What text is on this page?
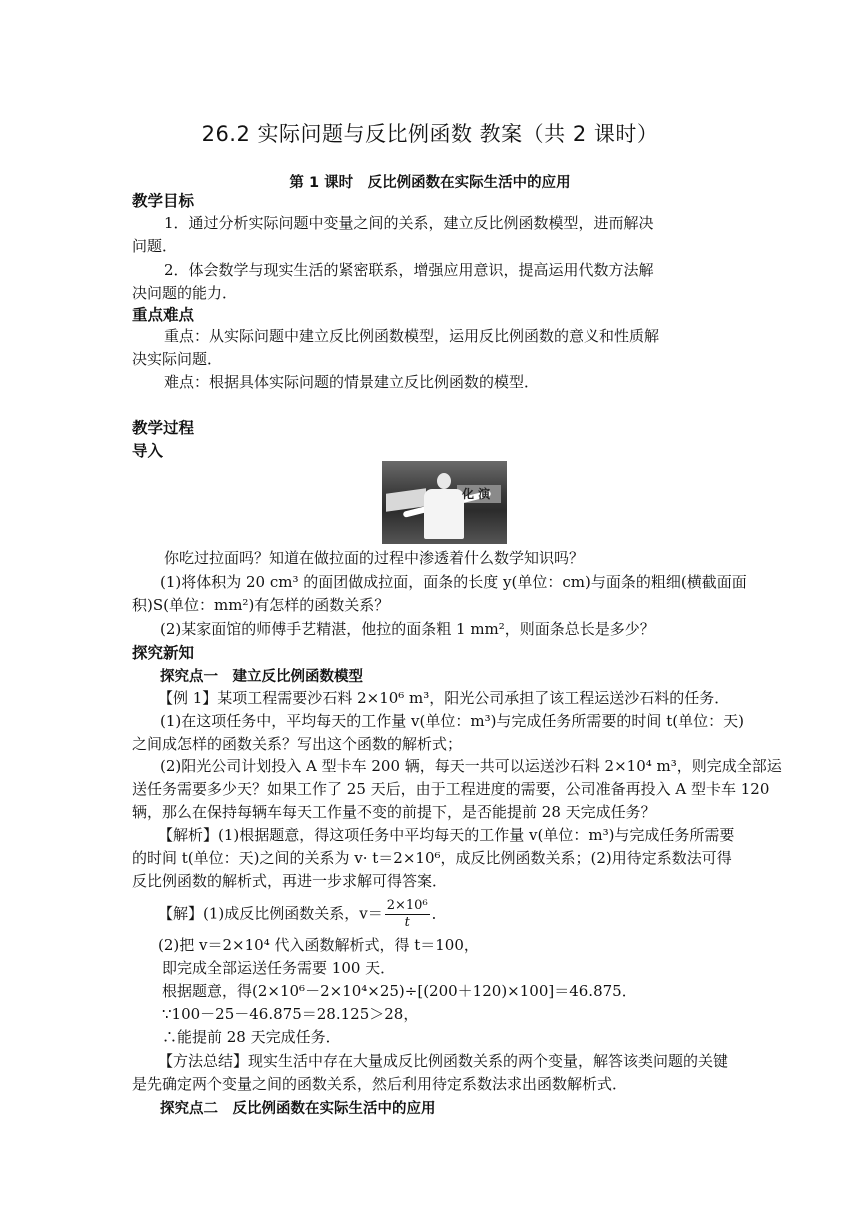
26.2 实际问题与反比例函数 教案（共 2 课时）
第 1 课时　反比例函数在实际生活中的应用
教学目标
1．通过分析实际问题中变量之间的关系，建立反比例函数模型，进而解决
问题．
2．体会数学与现实生活的紧密联系，增强应用意识，提高运用代数方法解
决问题的能力．
重点难点
重点：从实际问题中建立反比例函数模型，运用反比例函数的意义和性质解
决实际问题．
难点：根据具体实际问题的情景建立反比例函数的模型．
教学过程
导入
化 演
你吃过拉面吗？知道在做拉面的过程中渗透着什么数学知识吗？
(1)将体积为 20 cm³ 的面团做成拉面，面条的长度 y(单位：cm)与面条的粗细(横截面面
积)S(单位：mm²)有怎样的函数关系？
(2)某家面馆的师傅手艺精湛，他拉的面条粗 1 mm²，则面条总长是多少？
探究新知
探究点一　建立反比例函数模型
【例 1】某项工程需要沙石料 2×10⁶ m³，阳光公司承担了该工程运送沙石料的任务．
(1)在这项任务中，平均每天的工作量 v(单位：m³)与完成任务所需要的时间 t(单位：天)
之间成怎样的函数关系？写出这个函数的解析式；
(2)阳光公司计划投入 A 型卡车 200 辆，每天一共可以运送沙石料 2×10⁴ m³，则完成全部运
送任务需要多少天？如果工作了 25 天后，由于工程进度的需要，公司准备再投入 A 型卡车 120
辆，那么在保持每辆车每天工作量不变的前提下，是否能提前 28 天完成任务？
【解析】(1)根据题意，得这项任务中平均每天的工作量 v(单位：m³)与完成任务所需要
的时间 t(单位：天)之间的关系为 v· t＝2×10⁶，成反比例函数关系；(2)用待定系数法可得
反比例函数的解析式，再进一步求解可得答案．
【解】(1)成反比例函数关系，$v= \frac{\text{2×10⁶}}{t}$ ．
(2)把 v＝2×10⁴ 代入函数解析式，得 t＝100，
即完成全部运送任务需要 100 天．
根据题意，得(2×10⁶－2×10⁴×25)÷[(200＋120)×100]＝46.875．
∵100－25－46.875＝28.125＞28，
∴能提前 28 天完成任务．
【方法总结】现实生活中存在大量成反比例函数关系的两个变量，解答该类问题的关键
是先确定两个变量之间的函数关系，然后利用待定系数法求出函数解析式．
探究点二　反比例函数在实际生活中的应用
